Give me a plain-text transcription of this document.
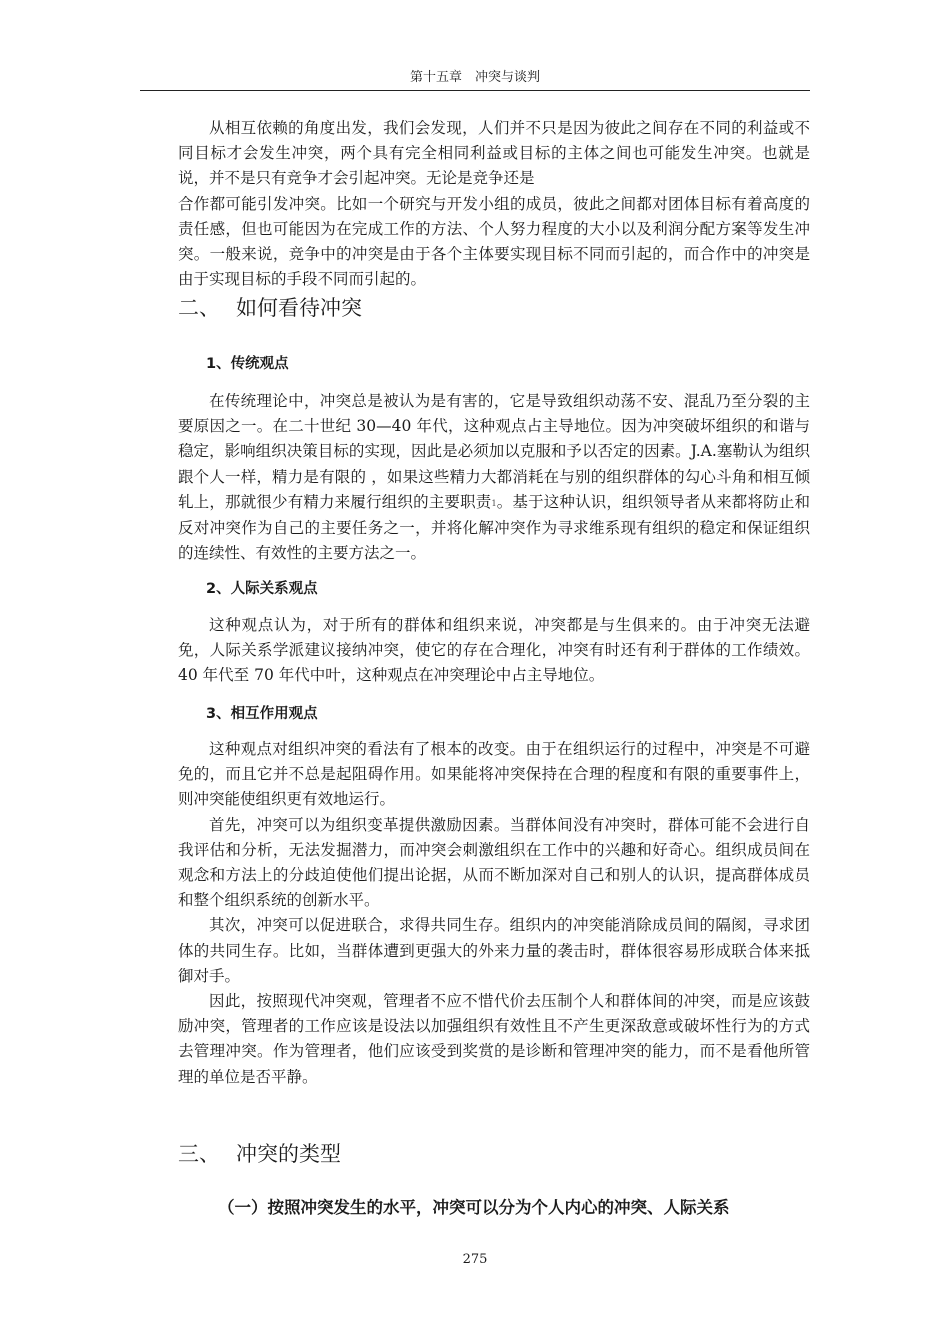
第十五章　冲突与谈判

从相互依赖的角度出发，我们会发现，人们并不只是因为彼此之间存在不同的利益或不同目标才会发生冲突，两个具有完全相同利益或目标的主体之间也可能发生冲突。也就是说，并不是只有竞争才会引起冲突。无论是竞争还是

合作都可能引发冲突。比如一个研究与开发小组的成员，彼此之间都对团体目标有着高度的责任感，但也可能因为在完成工作的方法、个人努力程度的大小以及利润分配方案等发生冲突。一般来说，竞争中的冲突是由于各个主体要实现目标不同而引起的，而合作中的冲突是由于实现目标的手段不同而引起的。

二、 如何看待冲突
1、传统观点

在传统理论中，冲突总是被认为是有害的，它是导致组织动荡不安、混乱乃至分裂的主要原因之一。在二十世纪 30—40 年代，这种观点占主导地位。因为冲突破坏组织的和谐与稳定，影响组织决策目标的实现，因此是必须加以克服和予以否定的因素。J.A.塞勒认为组织跟个人一样，精力是有限的 ，如果这些精力大都消耗在与别的组织群体的勾心斗角和相互倾轧上，那就很少有精力来履行组织的主要职责1。基于这种认识，组织领导者从来都将防止和反对冲突作为自己的主要任务之一，并将化解冲突作为寻求维系现有组织的稳定和保证组织的连续性、有效性的主要方法之一。

2、人际关系观点

这种观点认为，对于所有的群体和组织来说，冲突都是与生俱来的。由于冲突无法避免，人际关系学派建议接纳冲突，使它的存在合理化，冲突有时还有利于群体的工作绩效。40 年代至 70 年代中叶，这种观点在冲突理论中占主导地位。

3、相互作用观点

这种观点对组织冲突的看法有了根本的改变。由于在组织运行的过程中，冲突是不可避免的，而且它并不总是起阻碍作用。如果能将冲突保持在合理的程度和有限的重要事件上，则冲突能使组织更有效地运行。

首先，冲突可以为组织变革提供激励因素。当群体间没有冲突时，群体可能不会进行自我评估和分析，无法发掘潜力，而冲突会刺激组织在工作中的兴趣和好奇心。组织成员间在观念和方法上的分歧迫使他们提出论据，从而不断加深对自己和别人的认识，提高群体成员和整个组织系统的创新水平。

其次，冲突可以促进联合，求得共同生存。组织内的冲突能消除成员间的隔阂，寻求团体的共同生存。比如，当群体遭到更强大的外来力量的袭击时，群体很容易形成联合体来抵御对手。

因此，按照现代冲突观，管理者不应不惜代价去压制个人和群体间的冲突，而是应该鼓励冲突，管理者的工作应该是设法以加强组织有效性且不产生更深敌意或破坏性行为的方式去管理冲突。作为管理者，他们应该受到奖赏的是诊断和管理冲突的能力，而不是看他所管理的单位是否平静。

三、 冲突的类型
（一）按照冲突发生的水平，冲突可以分为个人内心的冲突、人际关系
275
